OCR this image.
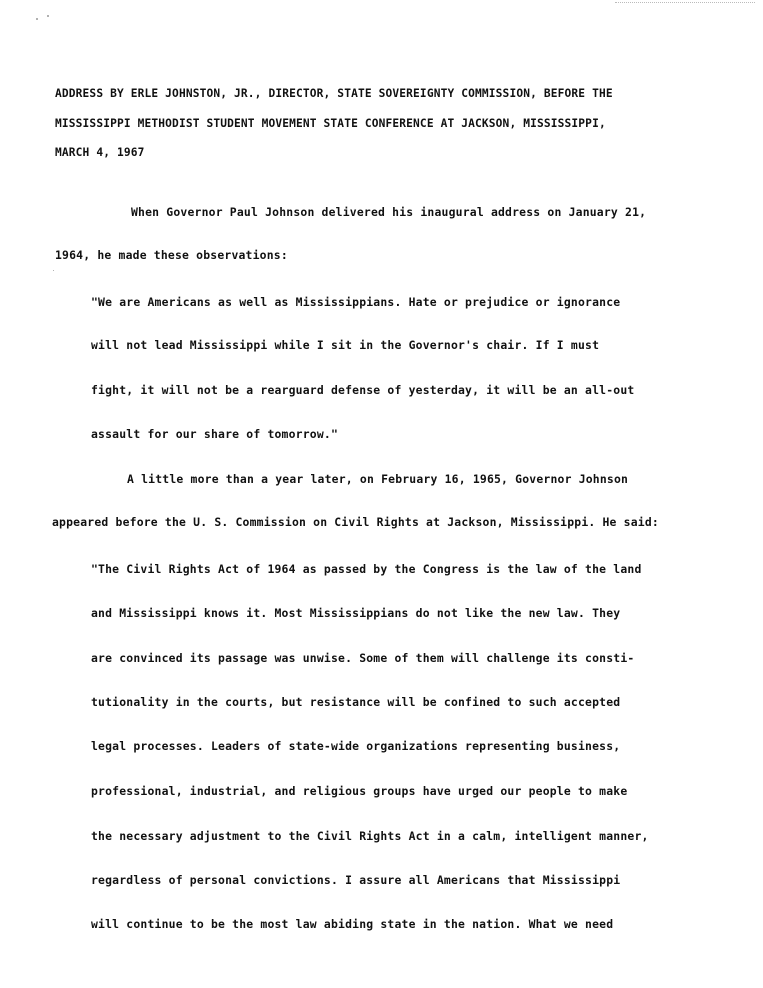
ADDRESS BY ERLE JOHNSTON, JR., DIRECTOR, STATE SOVEREIGNTY COMMISSION, BEFORE THE
MISSISSIPPI METHODIST STUDENT MOVEMENT STATE CONFERENCE AT JACKSON, MISSISSIPPI,
MARCH 4, 1967
When Governor Paul Johnson delivered his inaugural address on January 21,
1964, he made these observations:
"We are Americans as well as Mississippians. Hate or prejudice or ignorance
will not lead Mississippi while I sit in the Governor's chair. If I must
fight, it will not be a rearguard defense of yesterday, it will be an all-out
assault for our share of tomorrow."
A little more than a year later, on February 16, 1965, Governor Johnson
appeared before the U. S. Commission on Civil Rights at Jackson, Mississippi. He said:
"The Civil Rights Act of 1964 as passed by the Congress is the law of the land
and Mississippi knows it. Most Mississippians do not like the new law. They
are convinced its passage was unwise. Some of them will challenge its consti-
tutionality in the courts, but resistance will be confined to such accepted
legal processes. Leaders of state-wide organizations representing business,
professional, industrial, and religious groups have urged our people to make
the necessary adjustment to the Civil Rights Act in a calm, intelligent manner,
regardless of personal convictions. I assure all Americans that Mississippi
will continue to be the most law abiding state in the nation. What we need
